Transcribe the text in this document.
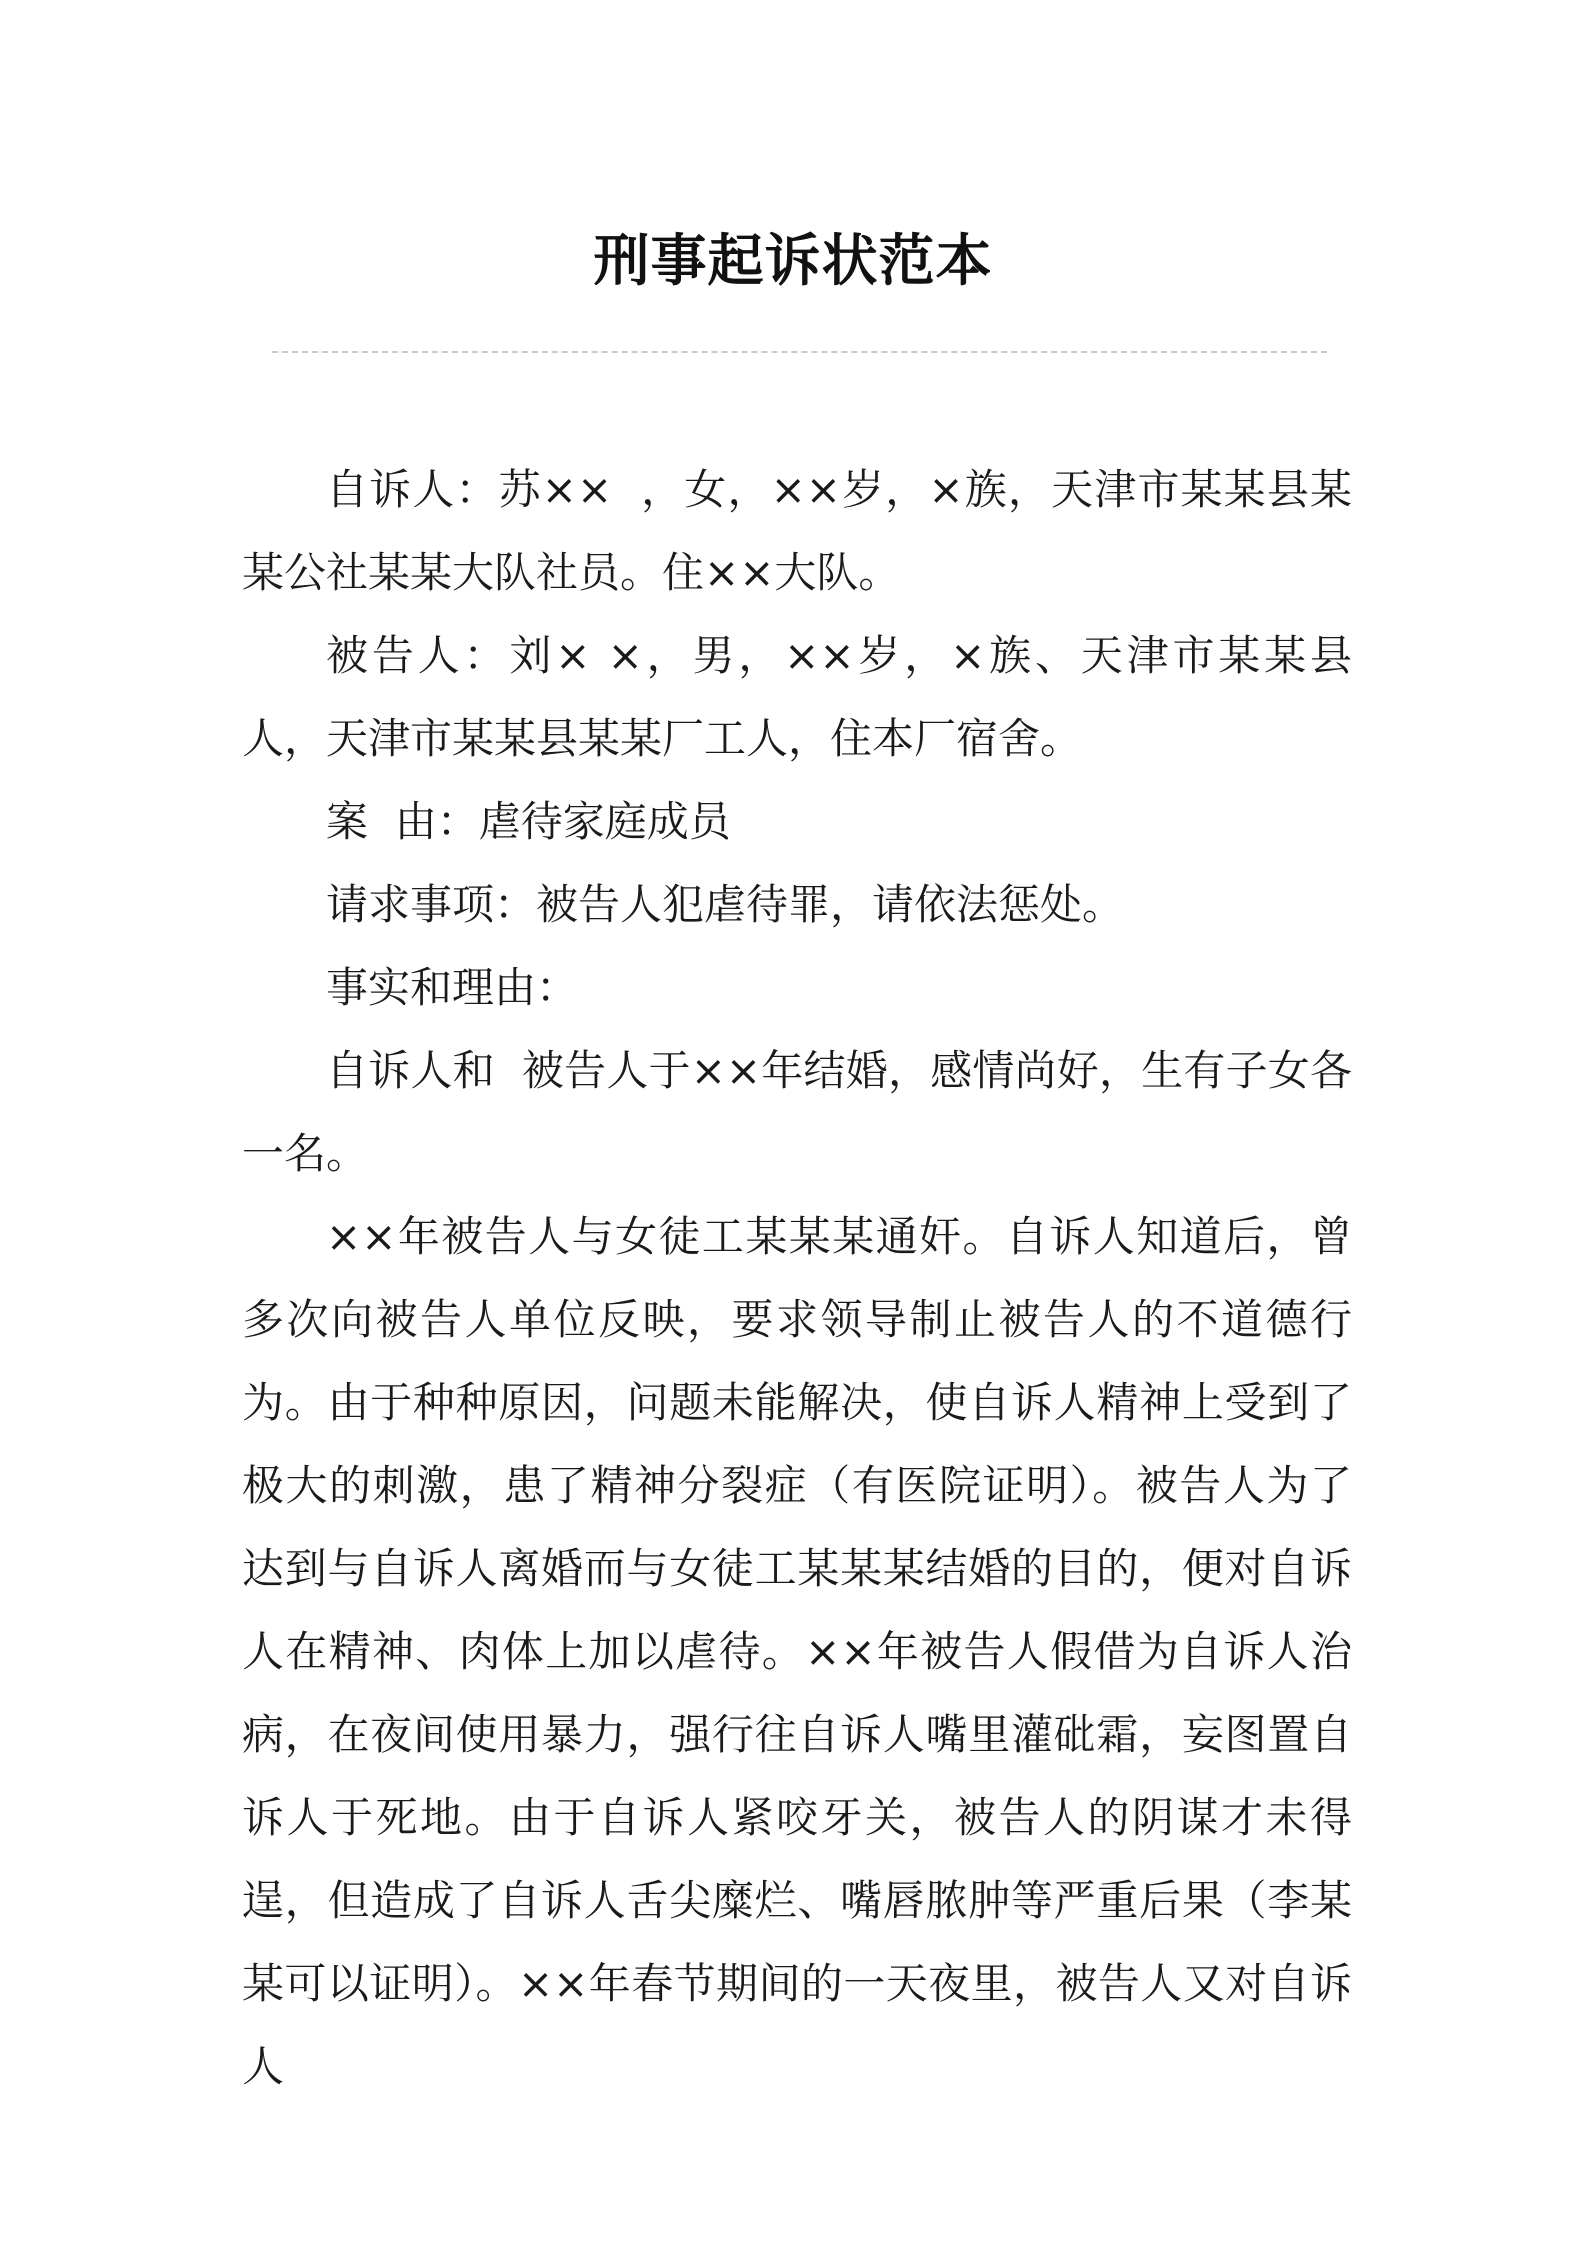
刑事起诉状范本

自诉人：苏××  ，女，××岁，×族，天津市某某县某某公社某某大队社员。住××大队。

被告人：刘× ×，男，××岁，×族、天津市某某县人，天津市某某县某某厂工人，住本厂宿舍。

案  由：虐待家庭成员

请求事项：被告人犯虐待罪，请依法惩处。

事实和理由：

自诉人和  被告人于××年结婚，感情尚好，生有子女各一名。

××年被告人与女徒工某某某通奸。自诉人知道后，曾多次向被告人单位反映，要求领导制止被告人的不道德行为。由于种种原因，问题未能解决，使自诉人精神上受到了极大的刺激，患了精神分裂症（有医院证明）。被告人为了达到与自诉人离婚而与女徒工某某某结婚的目的，便对自诉人在精神、肉体上加以虐待。××年被告人假借为自诉人治病，在夜间使用暴力，强行往自诉人嘴里灌砒霜，妄图置自诉人于死地。由于自诉人紧咬牙关，被告人的阴谋才未得逞，但造成了自诉人舌尖糜烂、嘴唇脓肿等严重后果（李某某可以证明）。××年春节期间的一天夜里，被告人又对自诉人
